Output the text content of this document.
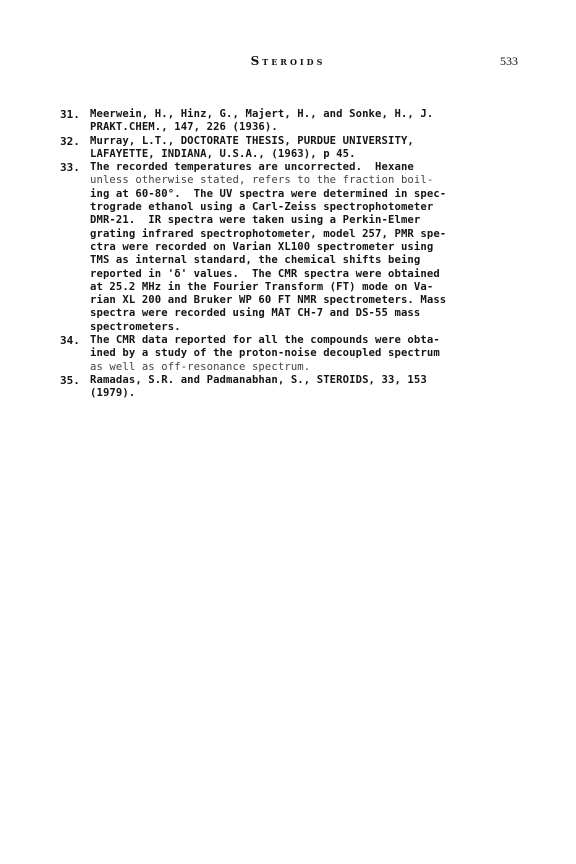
Steroids	533
31. Meerwein, H., Hinz, G., Majert, H., and Sonke, H., J.
PRAKT.CHEM., 147, 226 (1936).
32. Murray, L.T., DOCTORATE THESIS, PURDUE UNIVERSITY,
LAFAYETTE, INDIANA, U.S.A., (1963), p 45.
33. The recorded temperatures are uncorrected.  Hexane
unless otherwise stated, refers to the fraction boil-
ing at 60-80°.  The UV spectra were determined in spec-
trograde ethanol using a Carl-Zeiss spectrophotometer
DMR-21.  IR spectra were taken using a Perkin-Elmer
grating infrared spectrophotometer, model 257, PMR spe-
ctra were recorded on Varian XL100 spectrometer using
TMS as internal standard, the chemical shifts being
reported in 'δ' values.  The CMR spectra were obtained
at 25.2 MHz in the Fourier Transform (FT) mode on Va-
rian XL 200 and Bruker WP 60 FT NMR spectrometers. Mass
spectra were recorded using MAT CH-7 and DS-55 mass
spectrometers.
34. The CMR data reported for all the compounds were obta-
ined by a study of the proton-noise decoupled spectrum
as well as off-resonance spectrum.
35. Ramadas, S.R. and Padmanabhan, S., STEROIDS, 33, 153
(1979).
